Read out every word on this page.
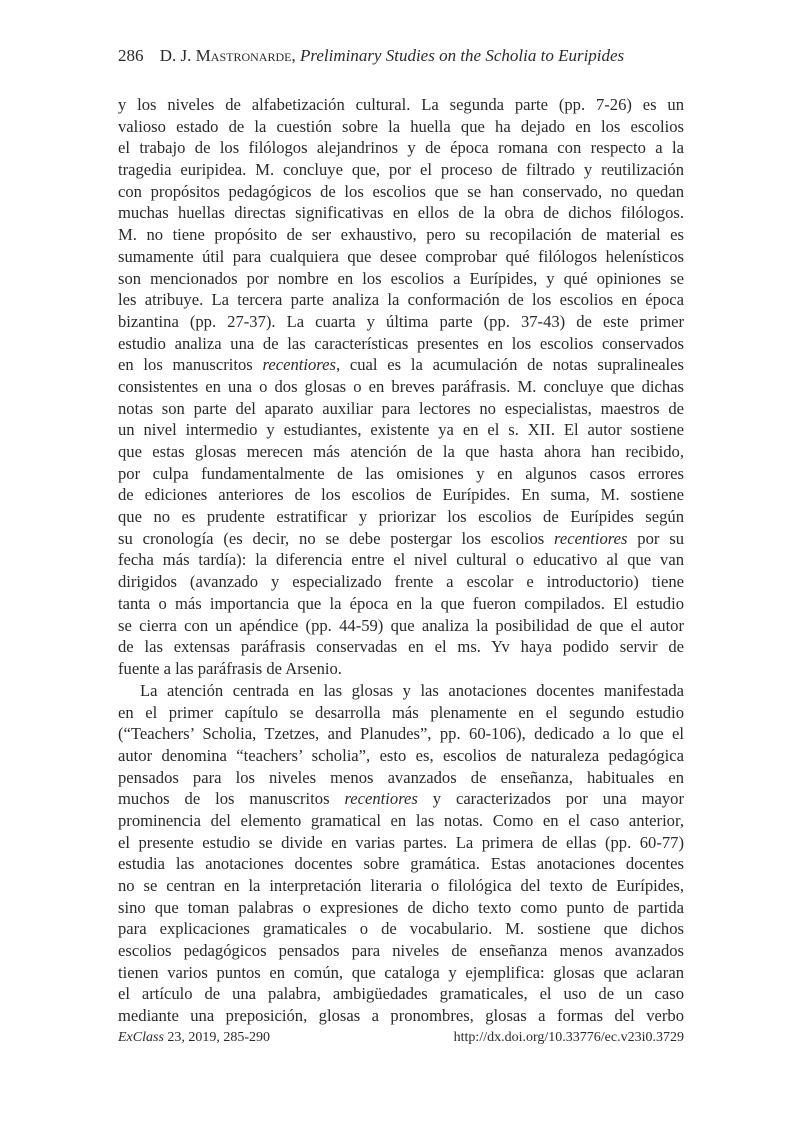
286 D. J. Mastronarde, Preliminary Studies on the Scholia to Euripides
y los niveles de alfabetización cultural. La segunda parte (pp. 7-26) es un
valioso estado de la cuestión sobre la huella que ha dejado en los escolios
el trabajo de los filólogos alejandrinos y de época romana con respecto a la
tragedia euripidea. M. concluye que, por el proceso de filtrado y reutilización
con propósitos pedagógicos de los escolios que se han conservado, no quedan
muchas huellas directas significativas en ellos de la obra de dichos filólogos.
M. no tiene propósito de ser exhaustivo, pero su recopilación de material es
sumamente útil para cualquiera que desee comprobar qué filólogos helenísticos
son mencionados por nombre en los escolios a Eurípides, y qué opiniones se
les atribuye. La tercera parte analiza la conformación de los escolios en época
bizantina (pp. 27-37). La cuarta y última parte (pp. 37-43) de este primer
estudio analiza una de las características presentes en los escolios conservados
en los manuscritos recentiores, cual es la acumulación de notas supralineales
consistentes en una o dos glosas o en breves paráfrasis. M. concluye que dichas
notas son parte del aparato auxiliar para lectores no especialistas, maestros de
un nivel intermedio y estudiantes, existente ya en el s. XII. El autor sostiene
que estas glosas merecen más atención de la que hasta ahora han recibido,
por culpa fundamentalmente de las omisiones y en algunos casos errores
de ediciones anteriores de los escolios de Eurípides. En suma, M. sostiene
que no es prudente estratificar y priorizar los escolios de Eurípides según
su cronología (es decir, no se debe postergar los escolios recentiores por su
fecha más tardía): la diferencia entre el nivel cultural o educativo al que van
dirigidos (avanzado y especializado frente a escolar e introductorio) tiene
tanta o más importancia que la época en la que fueron compilados. El estudio
se cierra con un apéndice (pp. 44-59) que analiza la posibilidad de que el autor
de las extensas paráfrasis conservadas en el ms. Yv haya podido servir de
fuente a las paráfrasis de Arsenio.
La atención centrada en las glosas y las anotaciones docentes manifestada
en el primer capítulo se desarrolla más plenamente en el segundo estudio
(“Teachers’ Scholia, Tzetzes, and Planudes”, pp. 60-106), dedicado a lo que el
autor denomina “teachers’ scholia”, esto es, escolios de naturaleza pedagógica
pensados para los niveles menos avanzados de enseñanza, habituales en
muchos de los manuscritos recentiores y caracterizados por una mayor
prominencia del elemento gramatical en las notas. Como en el caso anterior,
el presente estudio se divide en varias partes. La primera de ellas (pp. 60-77)
estudia las anotaciones docentes sobre gramática. Estas anotaciones docentes
no se centran en la interpretación literaria o filológica del texto de Eurípides,
sino que toman palabras o expresiones de dicho texto como punto de partida
para explicaciones gramaticales o de vocabulario. M. sostiene que dichos
escolios pedagógicos pensados para niveles de enseñanza menos avanzados
tienen varios puntos en común, que cataloga y ejemplifica: glosas que aclaran
el artículo de una palabra, ambigüedades gramaticales, el uso de un caso
mediante una preposición, glosas a pronombres, glosas a formas del verbo
ExClass 23, 2019, 285-290	http://dx.doi.org/10.33776/ec.v23i0.3729
